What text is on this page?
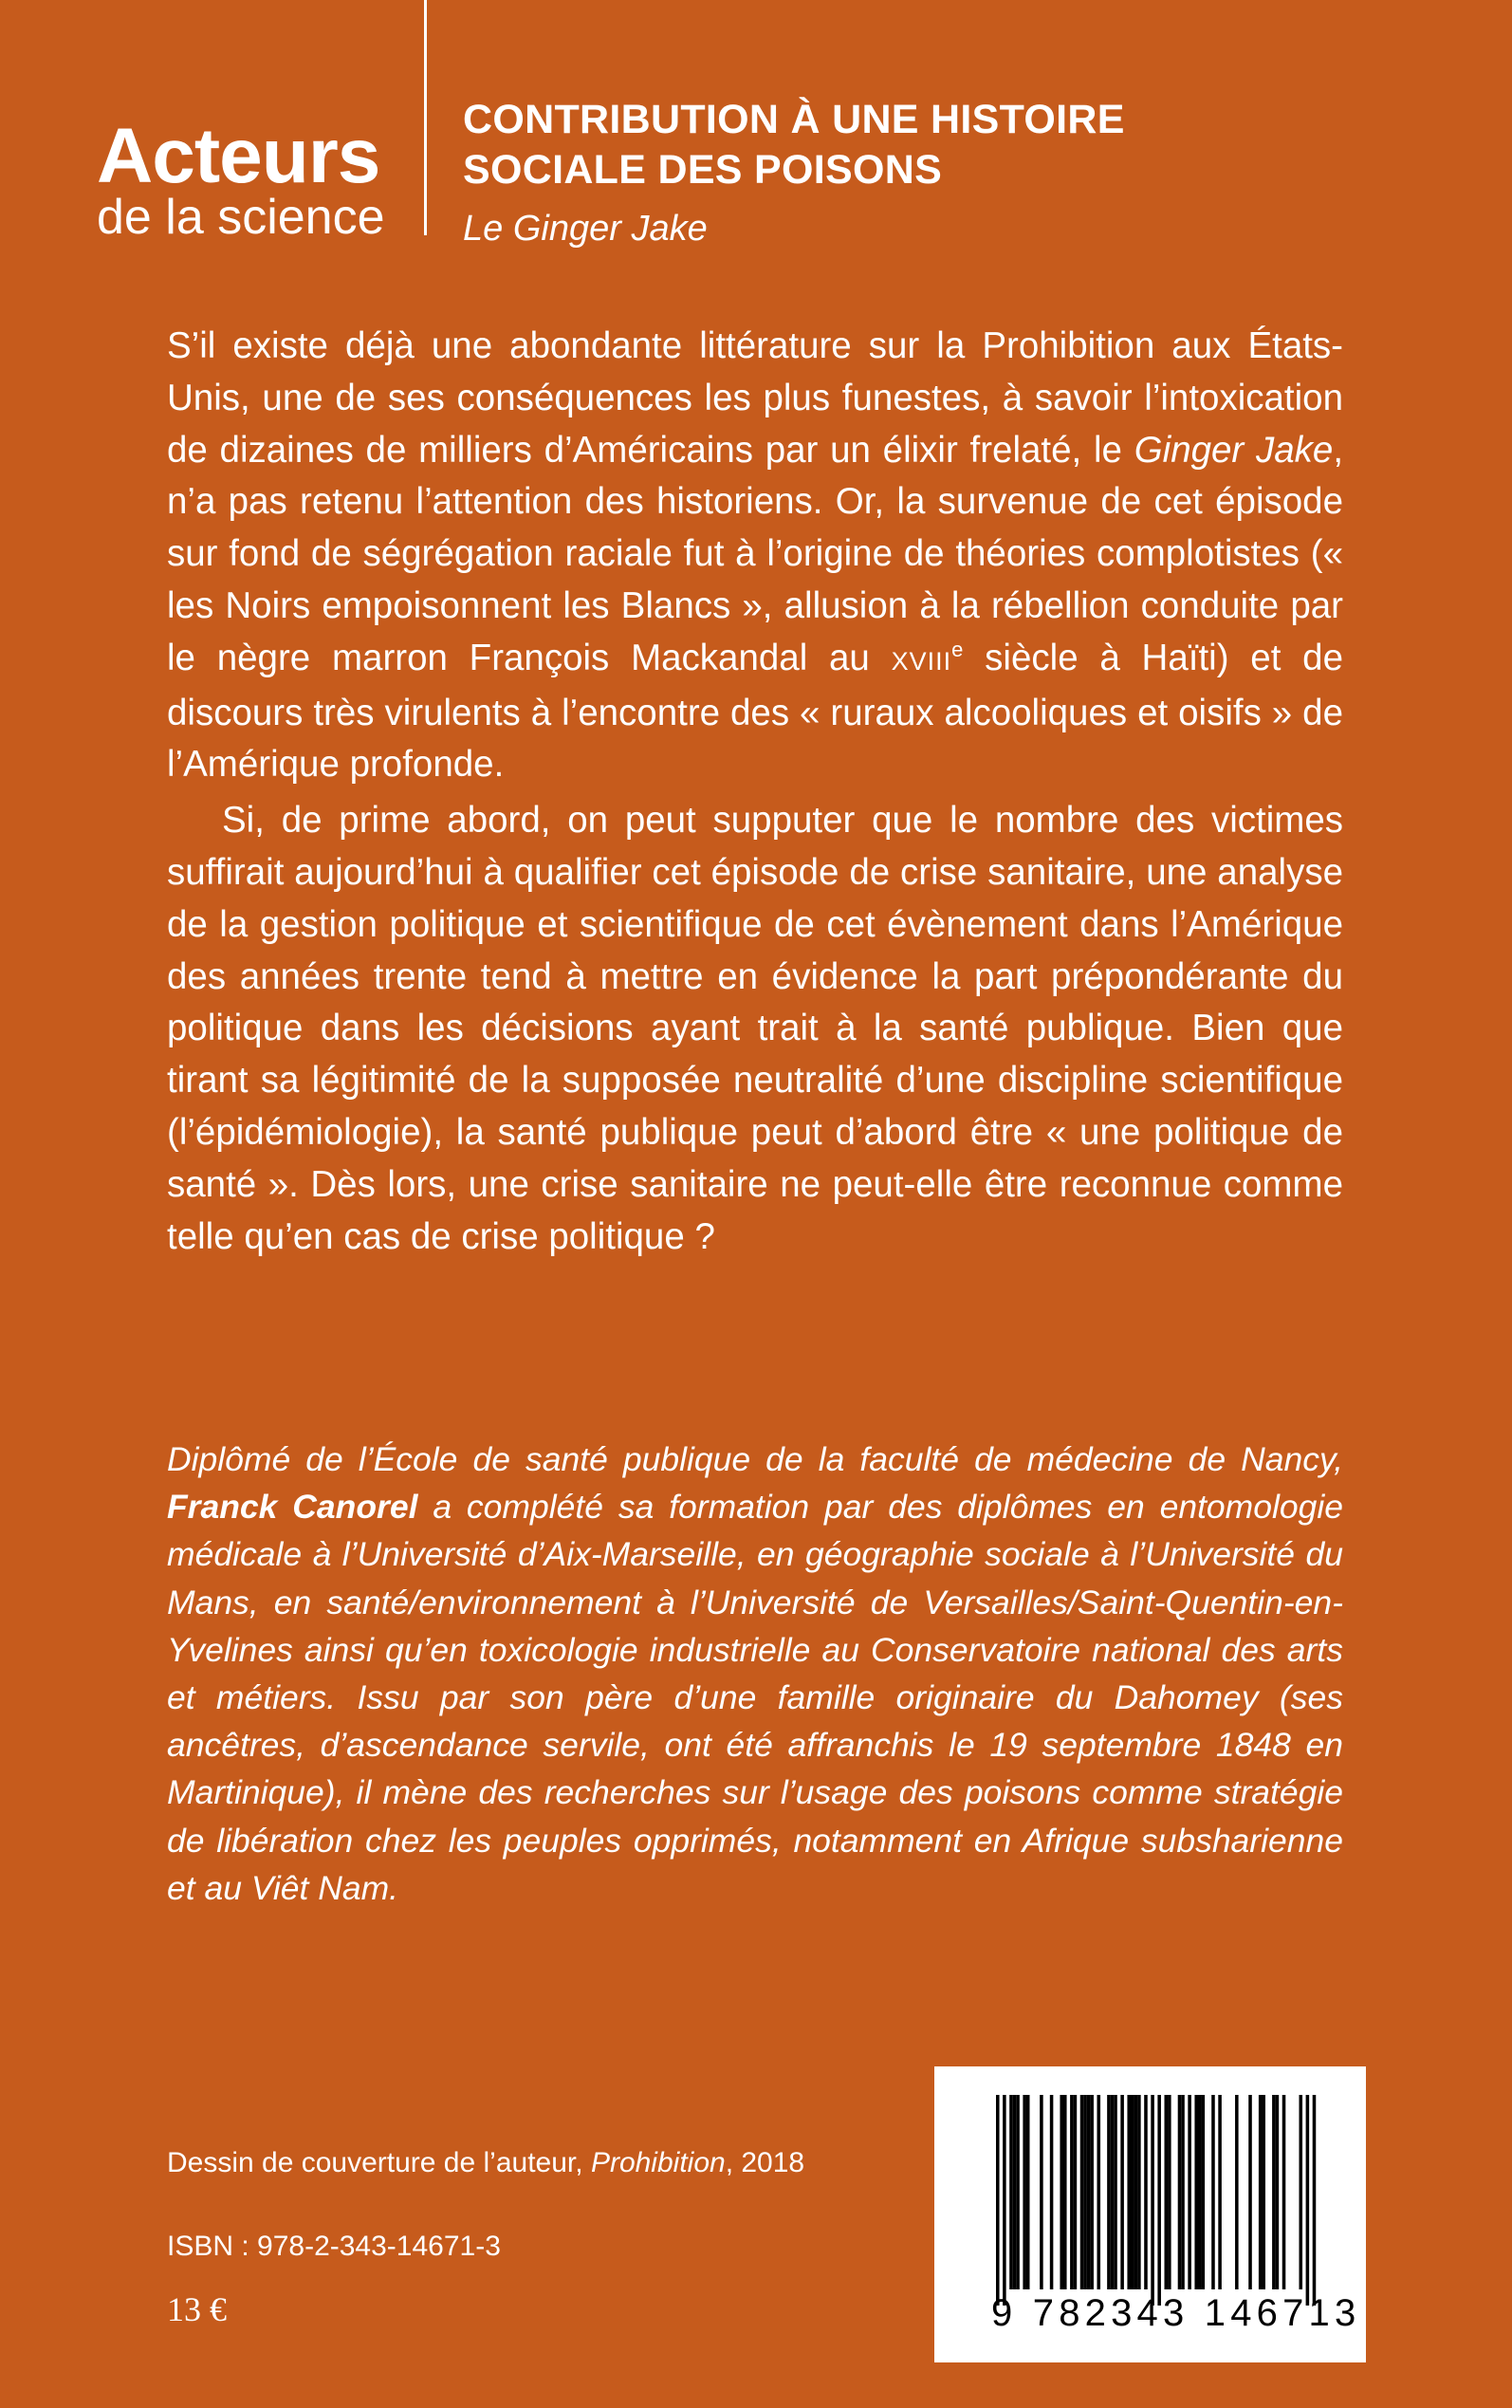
Acteurs
de la science
CONTRIBUTION À UNE HISTOIRE
SOCIALE DES POISONS
Le Ginger Jake

S’il existe déjà une abondante littérature sur la Prohibition aux États-Unis, une de ses conséquences les plus funestes, à savoir l’intoxication de dizaines de milliers d’Américains par un élixir frelaté, le Ginger Jake, n’a pas retenu l’attention des historiens. Or, la survenue de cet épisode sur fond de ségrégation raciale fut à l’origine de théories complotistes (« les Noirs empoisonnent les Blancs », allusion à la rébellion conduite par le nègre marron François Mackandal au XVIIIe siècle à Haïti) et de discours très virulents à l’encontre des « ruraux alcooliques et oisifs » de l’Amérique profonde.

Si, de prime abord, on peut supputer que le nombre des victimes suffirait aujourd’hui à qualifier cet épisode de crise sanitaire, une analyse de la gestion politique et scientifique de cet évènement dans l’Amérique des années trente tend à mettre en évidence la part prépondérante du politique dans les décisions ayant trait à la santé publique. Bien que tirant sa légitimité de la supposée neutralité d’une discipline scientifique (l’épidémiologie), la santé publique peut d’abord être « une politique de santé ». Dès lors, une crise sanitaire ne peut-elle être reconnue comme telle qu’en cas de crise politique ?

Diplômé de l’École de santé publique de la faculté de médecine de Nancy, Franck Canorel a complété sa formation par des diplômes en entomologie médicale à l’Université d’Aix-Marseille, en géographie sociale à l’Université du Mans, en santé/environnement à l’Université de Versailles/Saint-Quentin-en-Yvelines ainsi qu’en toxicologie industrielle au Conservatoire national des arts et métiers. Issu par son père d’une famille originaire du Dahomey (ses ancêtres, d’ascendance servile, ont été affranchis le 19 septembre 1848 en Martinique), il mène des recherches sur l’usage des poisons comme stratégie de libération chez les peuples opprimés, notamment en Afrique subsharienne et au Viêt Nam.
Dessin de couverture de l’auteur, Prohibition, 2018
ISBN : 978-2-343-14671-3
13 €	9 782343 146713
